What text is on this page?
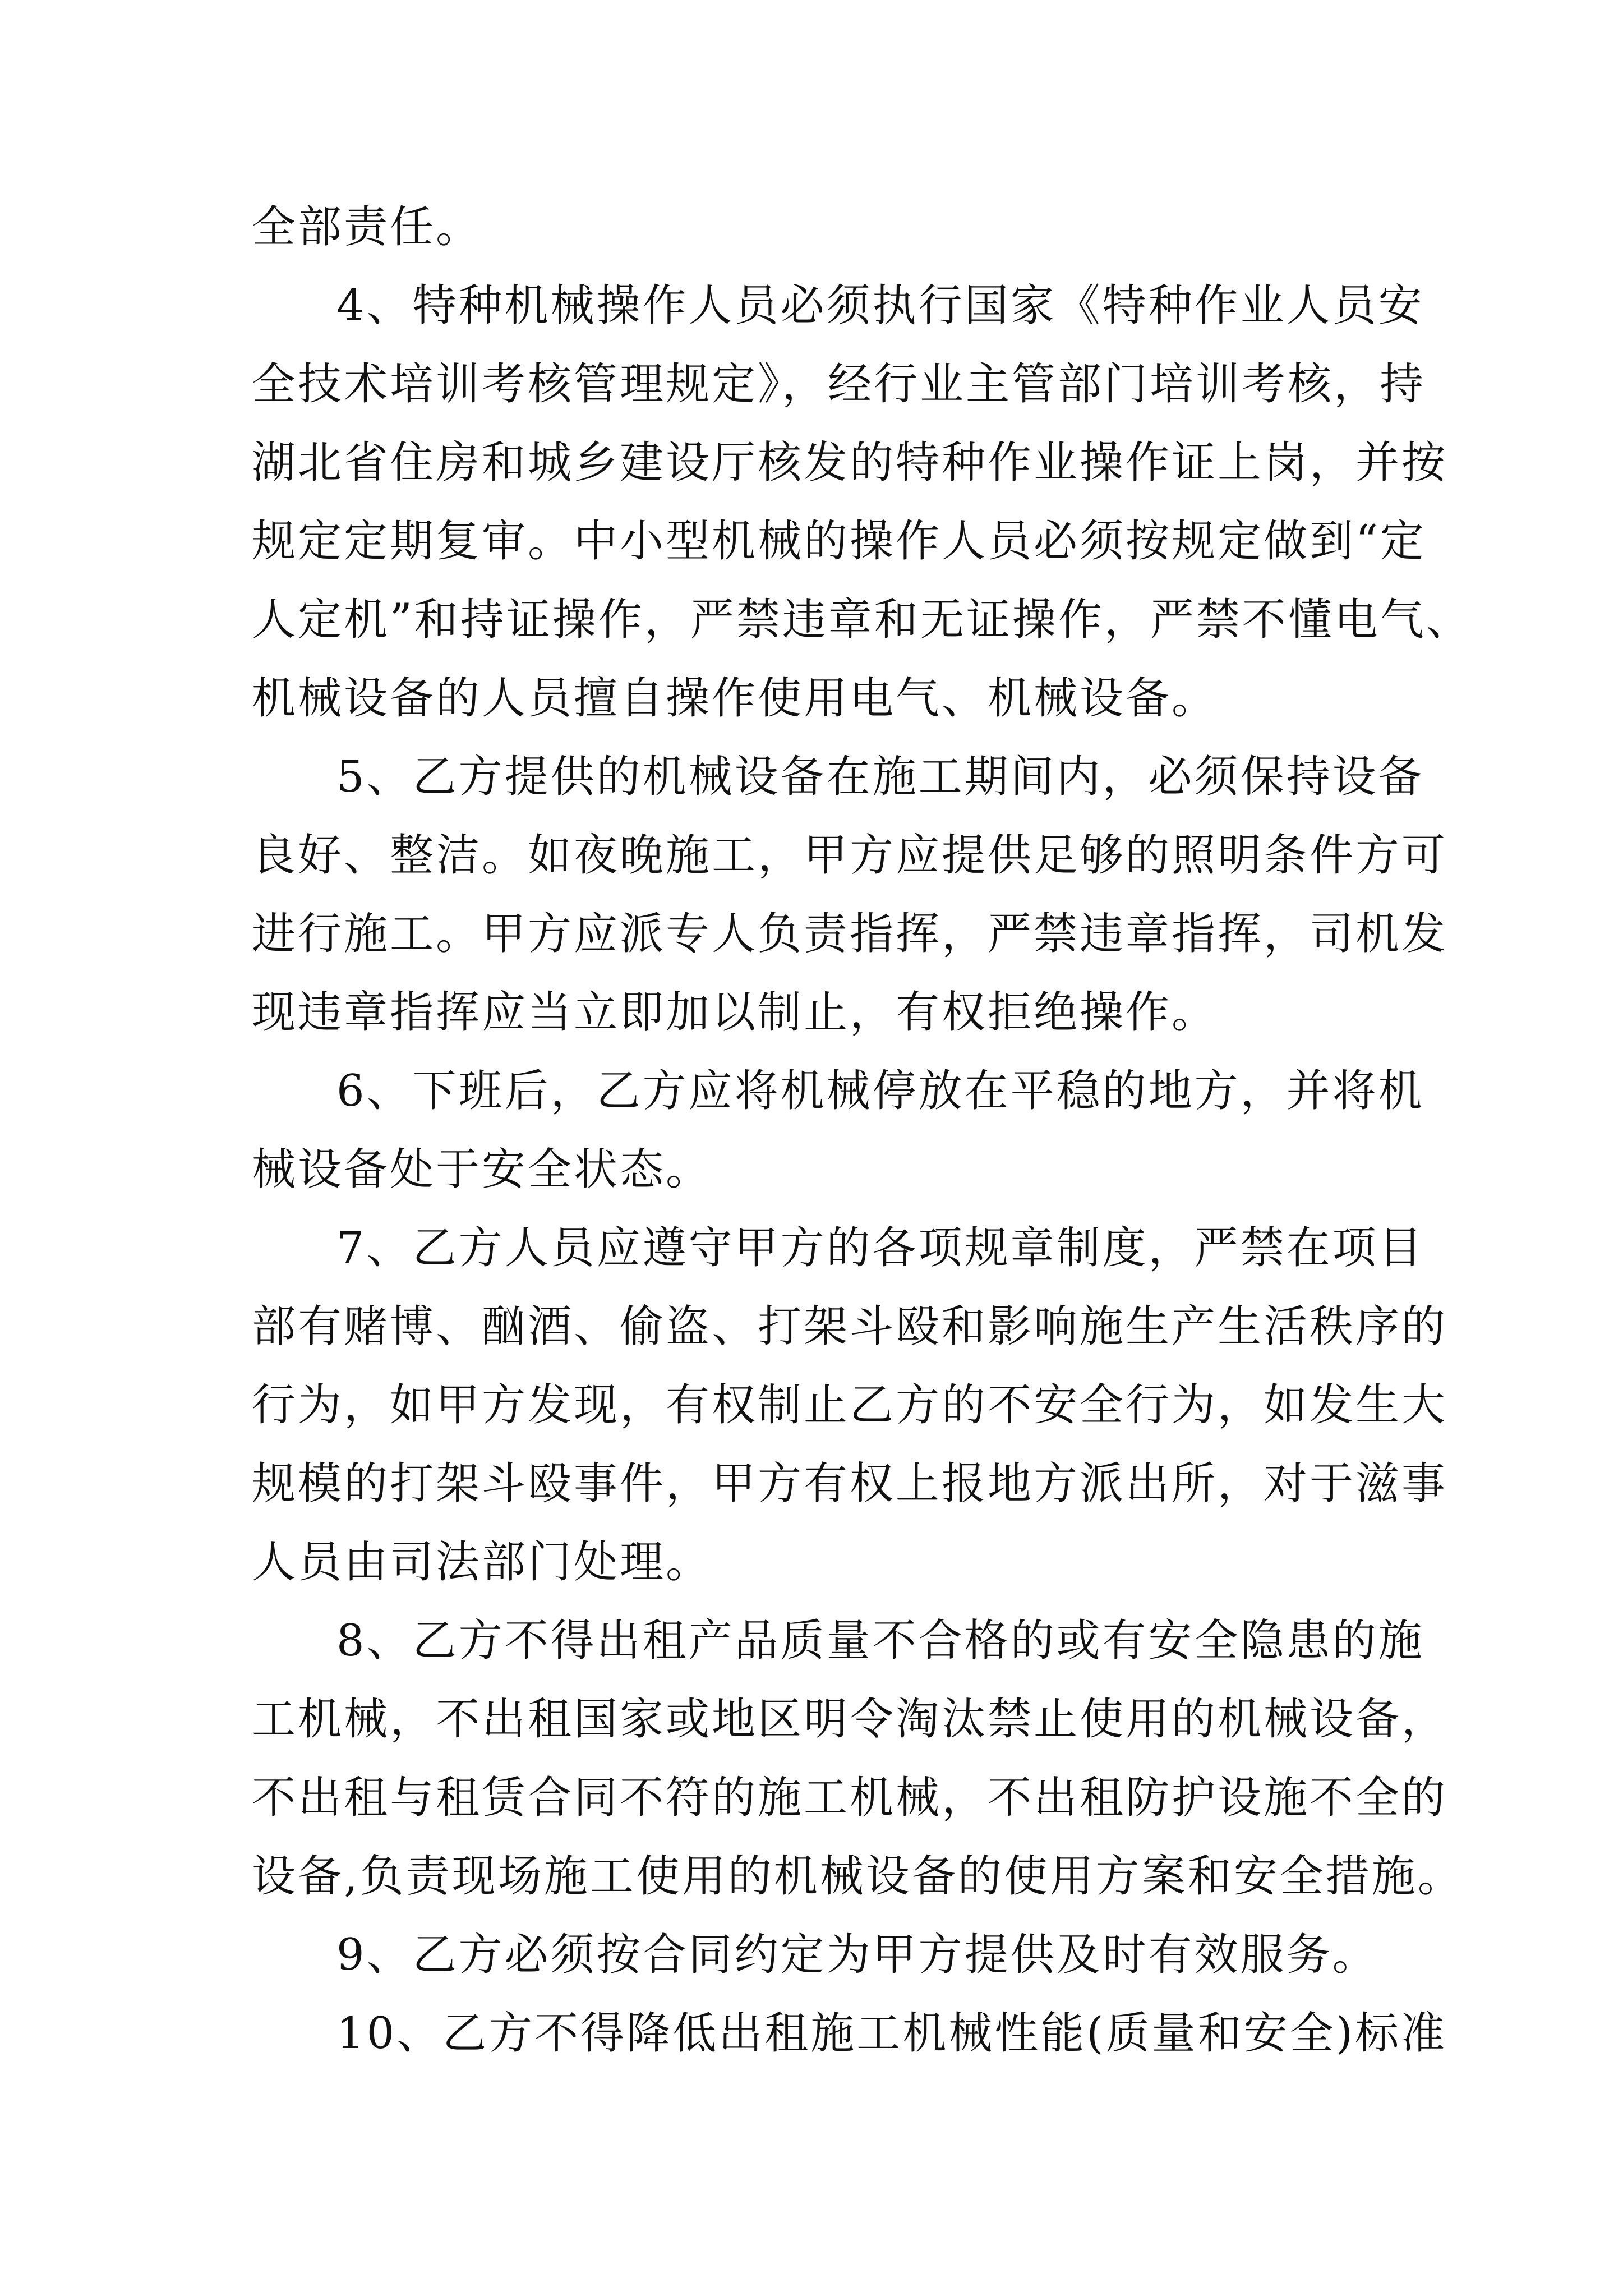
全部责任。
4、特种机械操作人员必须执行国家《特种作业人员安
全技术培训考核管理规定》，经行业主管部门培训考核，持
湖北省住房和城乡建设厅核发的特种作业操作证上岗，并按
规定定期复审。中小型机械的操作人员必须按规定做到“定
人定机”和持证操作，严禁违章和无证操作，严禁不懂电气、
机械设备的人员擅自操作使用电气、机械设备。
5、乙方提供的机械设备在施工期间内，必须保持设备
良好、整洁。如夜晚施工，甲方应提供足够的照明条件方可
进行施工。甲方应派专人负责指挥，严禁违章指挥，司机发
现违章指挥应当立即加以制止，有权拒绝操作。
6、下班后，乙方应将机械停放在平稳的地方，并将机
械设备处于安全状态。
7、乙方人员应遵守甲方的各项规章制度，严禁在项目
部有赌博、酗酒、偷盗、打架斗殴和影响施生产生活秩序的
行为，如甲方发现，有权制止乙方的不安全行为，如发生大
规模的打架斗殴事件，甲方有权上报地方派出所，对于滋事
人员由司法部门处理。
8、乙方不得出租产品质量不合格的或有安全隐患的施
工机械，不出租国家或地区明令淘汰禁止使用的机械设备，
不出租与租赁合同不符的施工机械，不出租防护设施不全的
设备,负责现场施工使用的机械设备的使用方案和安全措施。
9、乙方必须按合同约定为甲方提供及时有效服务。
10、乙方不得降低出租施工机械性能(质量和安全)标准
